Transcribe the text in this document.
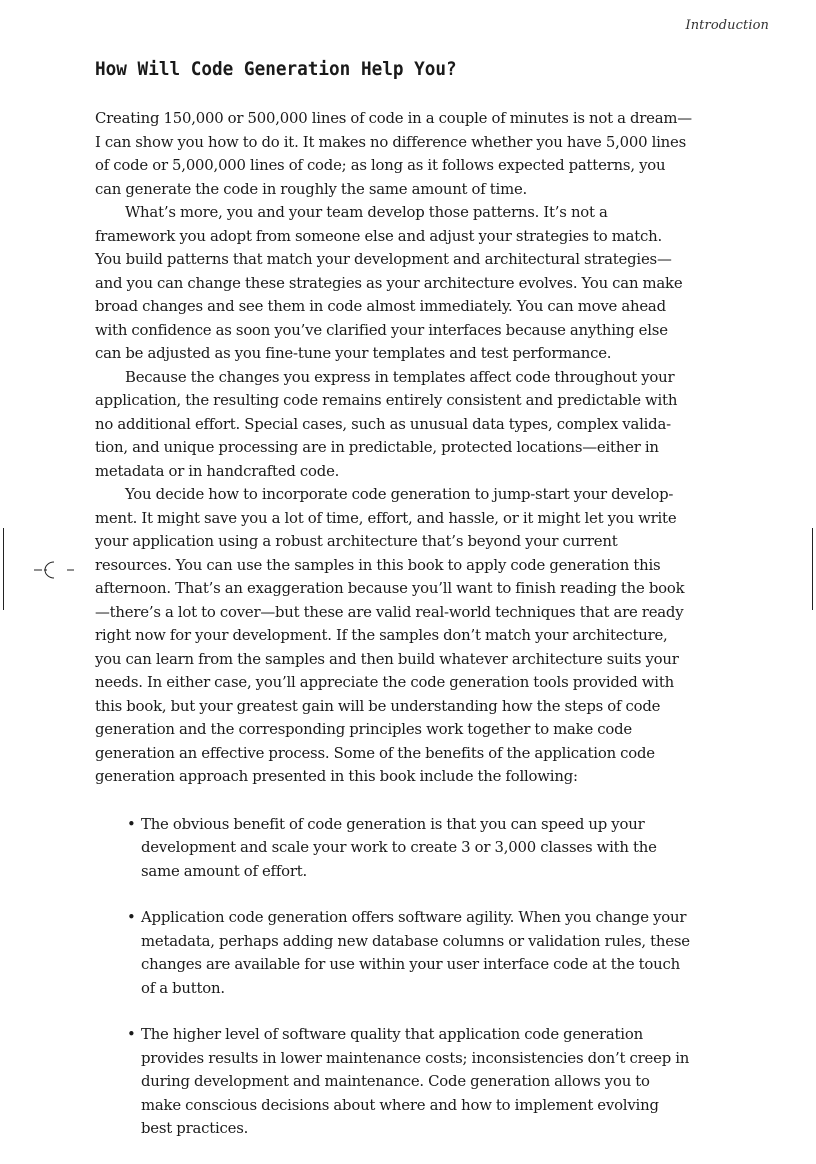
Introduction
How Will Code Generation Help You?

Creating 150,000 or 500,000 lines of code in a couple of minutes is not a dream—I can show you how to do it. It makes no difference whether you have 5,000 lines of code or 5,000,000 lines of code; as long as it follows expected patterns, you can generate the code in roughly the same amount of time.

What’s more, you and your team develop those patterns. It’s not a framework you adopt from someone else and adjust your strategies to match. You build patterns that match your development and architectural strategies—and you can change these strategies as your architecture evolves. You can make broad changes and see them in code almost immediately. You can move ahead with confidence as soon you’ve clarified your interfaces because anything else can be adjusted as you fine-tune your templates and test performance.

Because the changes you express in templates affect code throughout your application, the resulting code remains entirely consistent and predictable with no additional effort. Special cases, such as unusual data types, complex validation, and unique processing are in predictable, protected locations—either in metadata or in handcrafted code.

You decide how to incorporate code generation to jump-start your development. It might save you a lot of time, effort, and hassle, or it might let you write your application using a robust architecture that’s beyond your current resources. You can use the samples in this book to apply code generation this afternoon. That’s an exaggeration because you’ll want to finish reading the book—there’s a lot to cover—but these are valid real-world techniques that are ready right now for your development. If the samples don’t match your architecture, you can learn from the samples and then build whatever architecture suits your needs. In either case, you’ll appreciate the code generation tools provided with this book, but your greatest gain will be understanding how the steps of code generation and the corresponding principles work together to make code generation an effective process. Some of the benefits of the application code generation approach presented in this book include the following:

• The obvious benefit of code generation is that you can speed up your development and scale your work to create 3 or 3,000 classes with the same amount of effort.
• Application code generation offers software agility. When you change your metadata, perhaps adding new database columns or validation rules, these changes are available for use within your user interface code at the touch of a button.
• The higher level of software quality that application code generation provides results in lower maintenance costs; inconsistencies don’t creep in during development and maintenance. Code generation allows you to make conscious decisions about where and how to implement evolving best practices.
